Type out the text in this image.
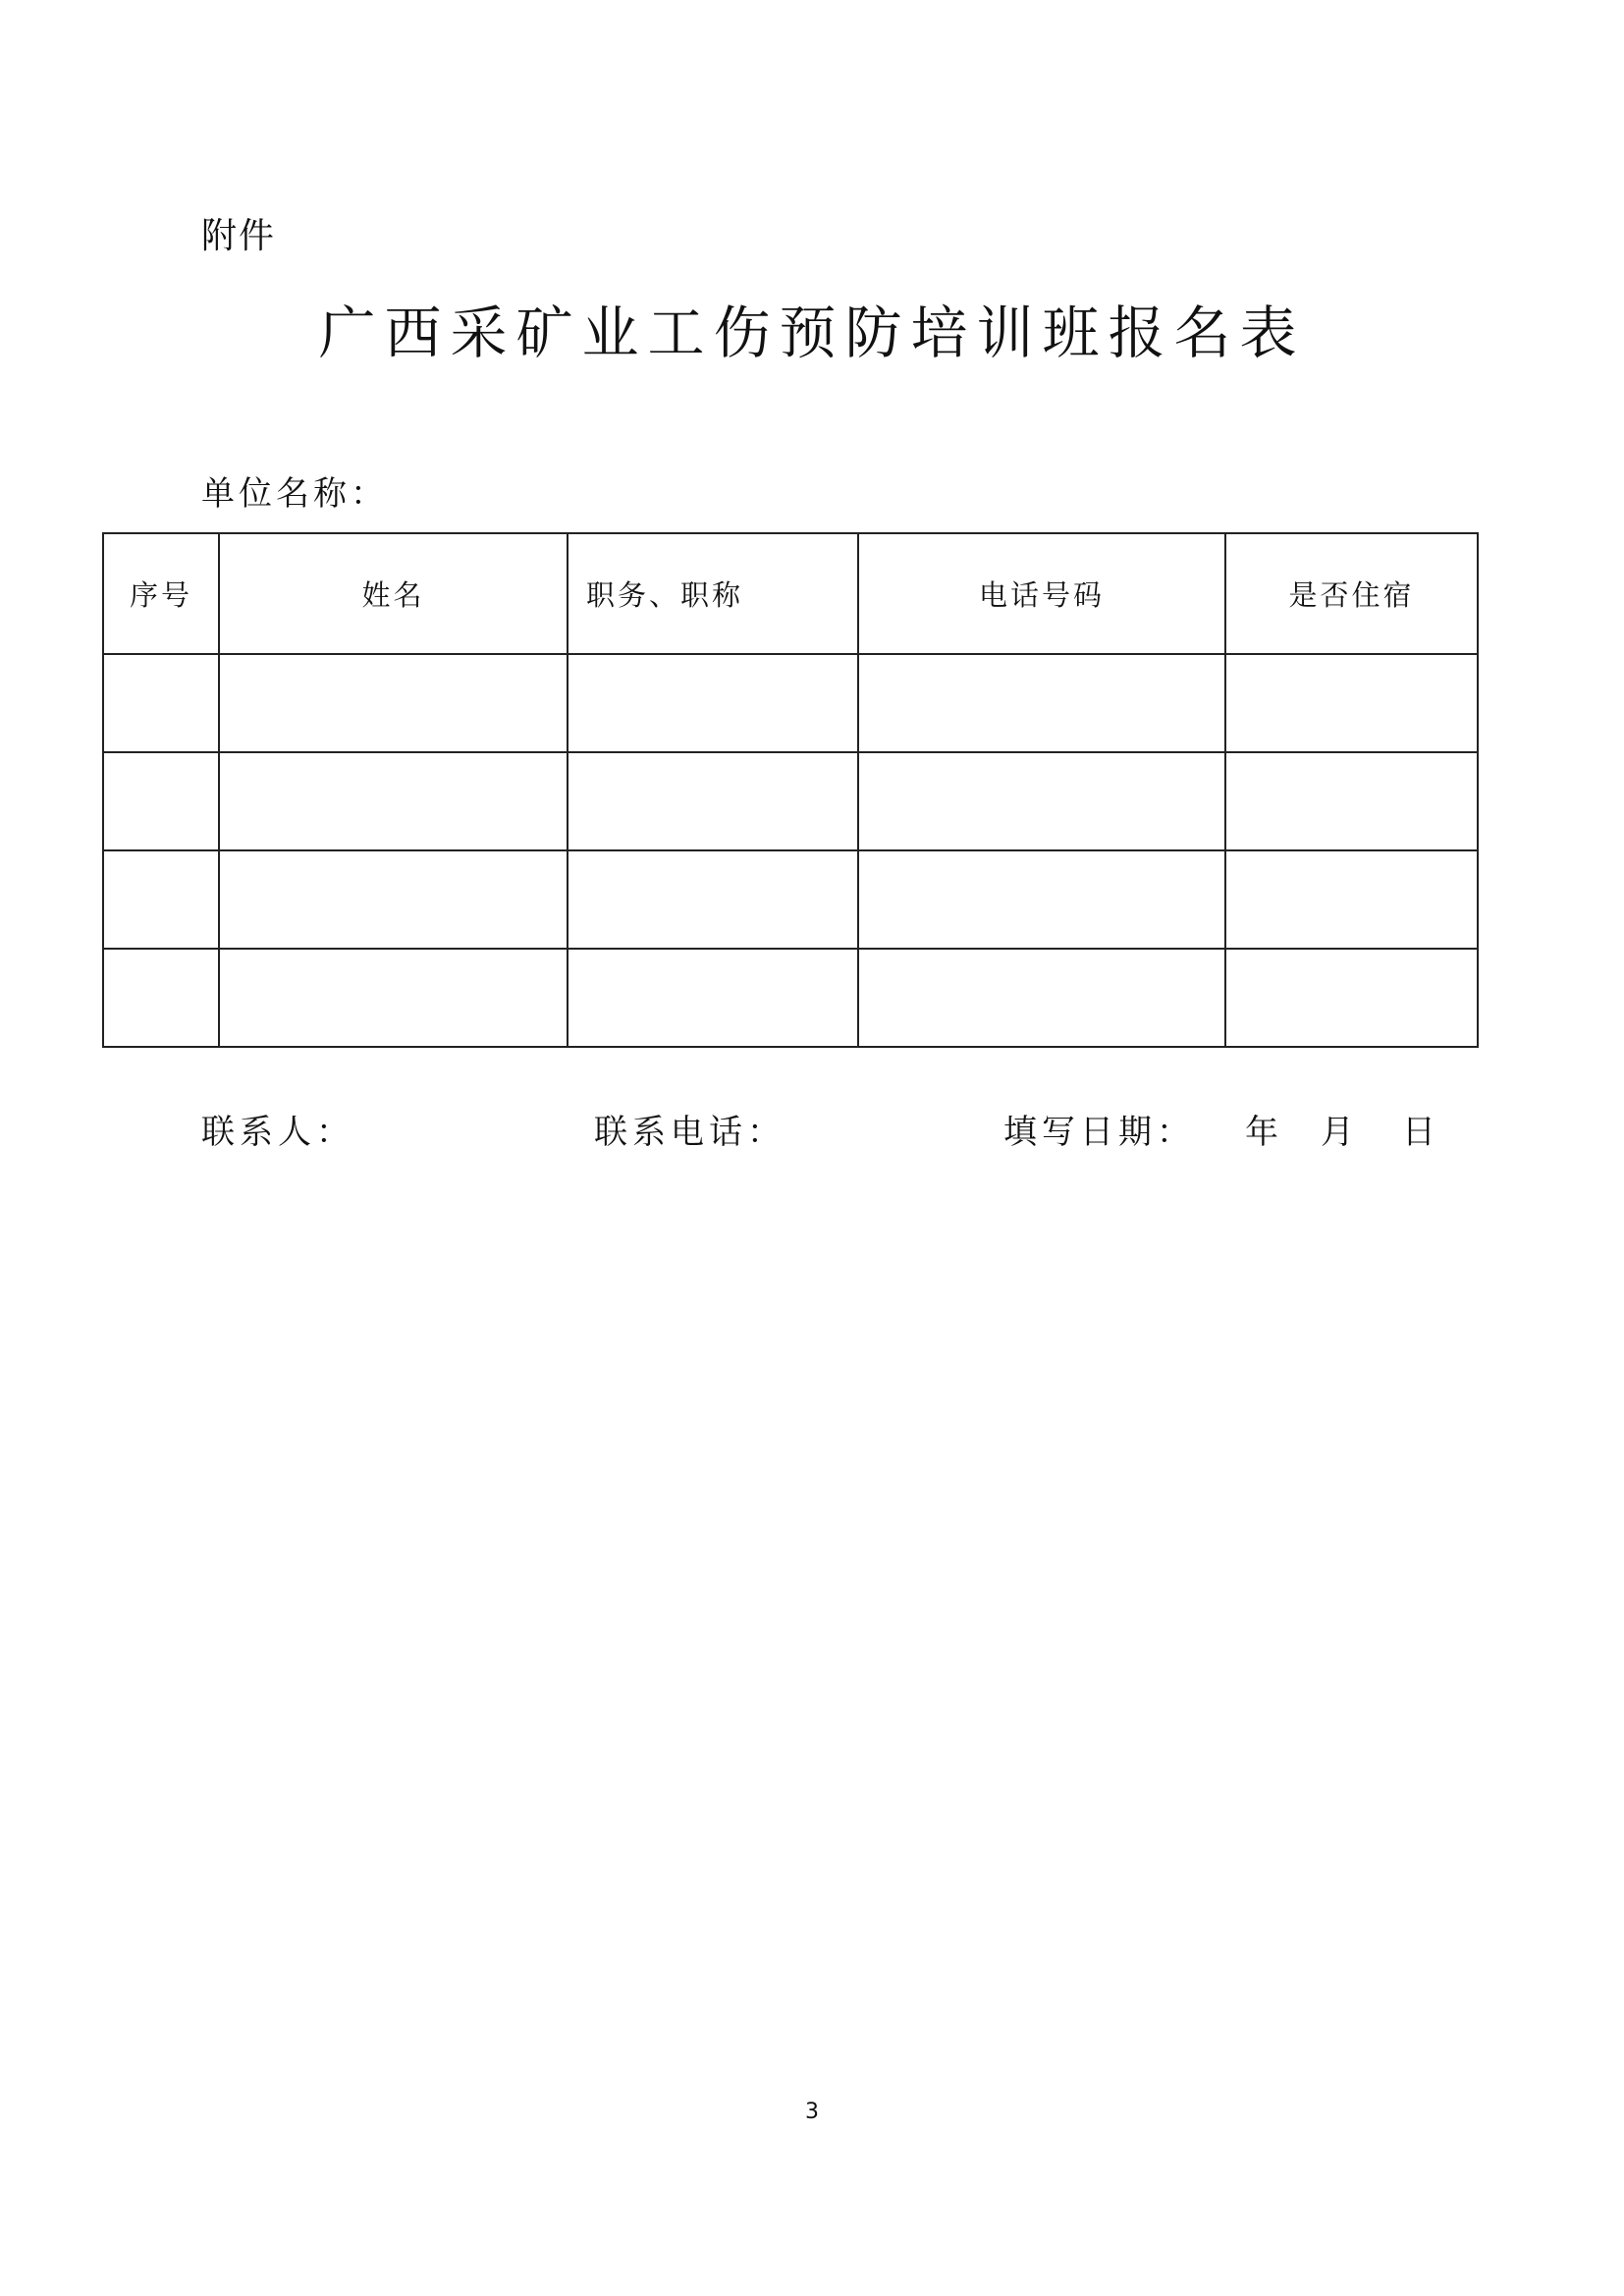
附件
广西采矿业工伤预防培训班报名表
单位名称：
序号	姓名	职务、职称	电话号码	是否住宿

联系人：	联系电话：	填写日期： 年 月 日
3
